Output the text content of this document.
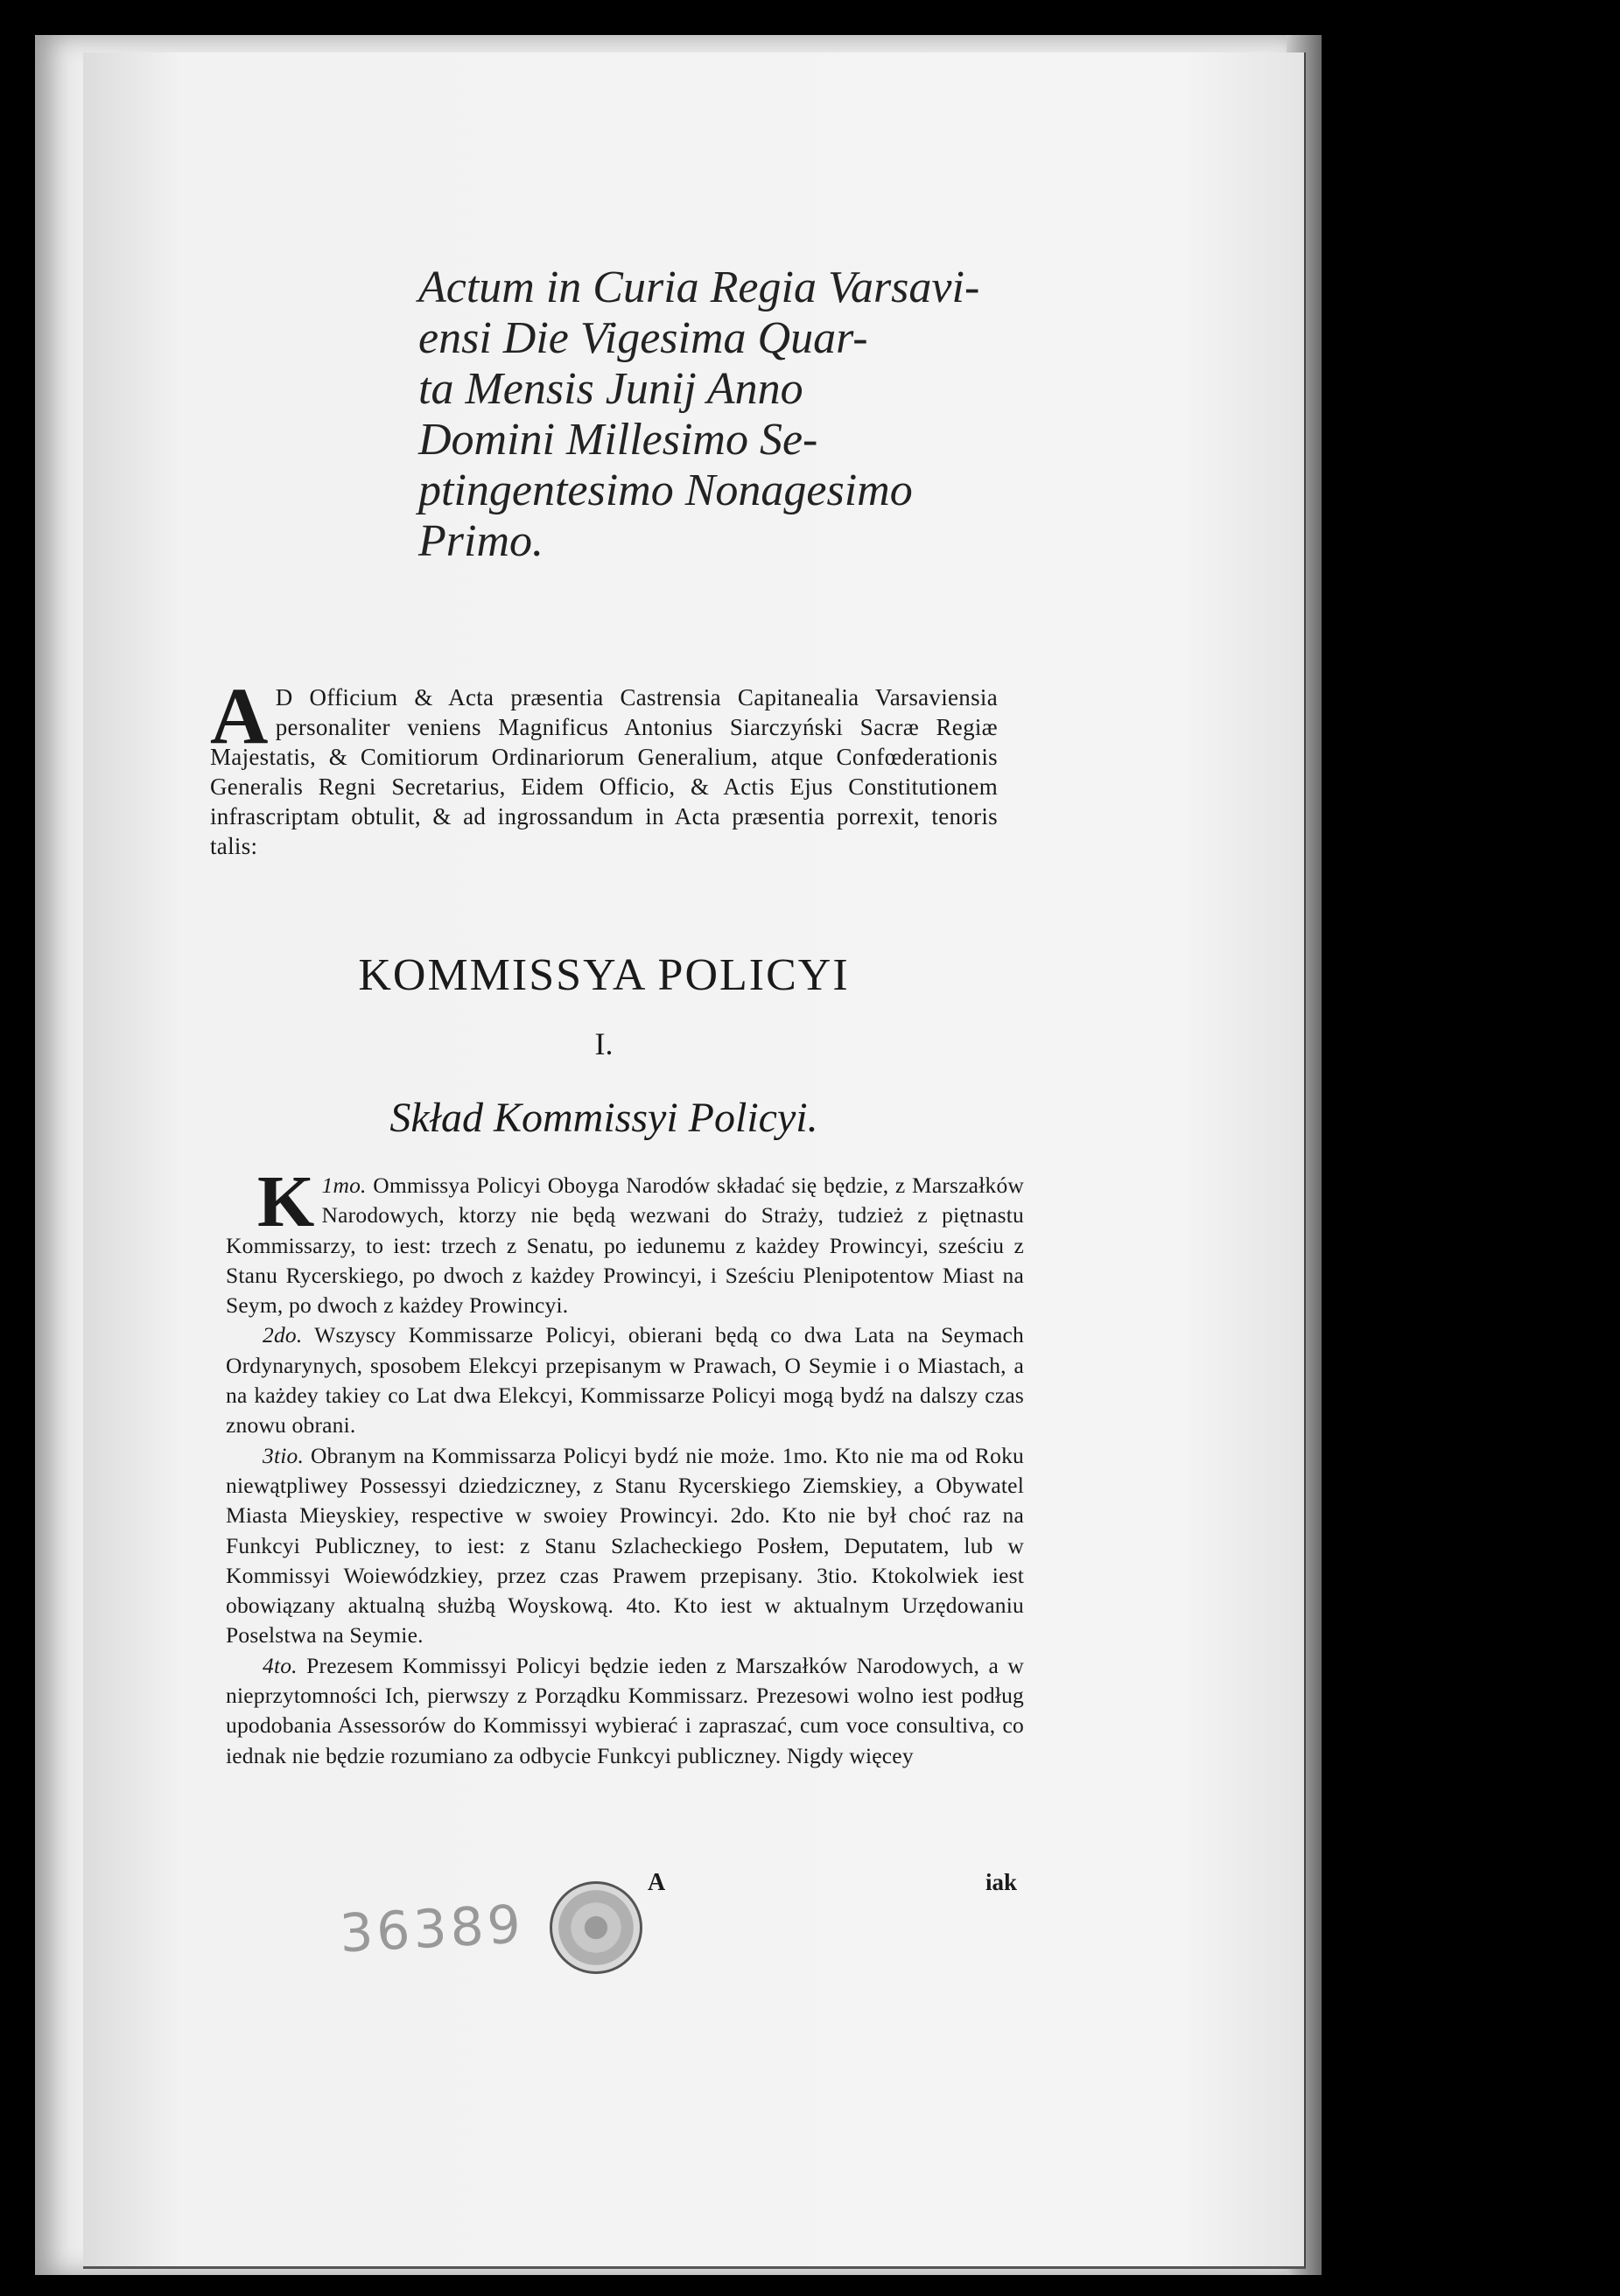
Actum in Curia Regia Varsavi-
ensi Die Vigesima Quar-
ta Mensis Junij Anno
Domini Millesimo Se-
ptingentesimo Nonagesimo
Primo.
A D Officium & Acta præsentia Castrensia Capitanealia Varsaviensia personaliter veniens Magnificus Antonius Siarczyński Sacræ Regiæ Majestatis, & Comitiorum Ordinariorum Generalium, atque Confœderationis Generalis Regni Secretarius, Eidem Officio, & Actis Ejus Constitutionem infrascriptam obtulit, & ad ingrossandum in Acta præsentia porrexit, tenoris talis:
KOMMISSYA POLICYI
I.
Skład Kommissyi Policyi.

1mo.
K	Ommissya Policyi Oboyga Narodów składać się będzie, z Marszałków Narodowych, ktorzy nie będą wezwani do Straży, tudzież z piętnastu Kommissarzy, to iest: trzech z Senatu, po iedunemu z każdey Prowincyi, sześciu z Stanu Rycerskiego, po dwoch z każdey Prowincyi, i Sześciu Plenipotentow Miast na Seym, po dwoch z każdey Prowincyi.

2do. Wszyscy Kommissarze Policyi, obierani będą co dwa Lata na Seymach Ordynarynych, sposobem Elekcyi przepisanym w Prawach, O Seymie i o Miastach, a na każdey takiey co Lat dwa Elekcyi, Kommissarze Policyi mogą bydź na dalszy czas znowu obrani.

3tio. Obranym na Kommissarza Policyi bydź nie może. 1mo. Kto nie ma od Roku niewątpliwey Possessyi dziedziczney, z Stanu Rycerskiego Ziemskiey, a Obywatel Miasta Mieyskiey, respective w swoiey Prowincyi. 2do. Kto nie był choć raz na Funkcyi Publiczney, to iest: z Stanu Szlacheckiego Posłem, Deputatem, lub w Kommissyi Woiewódzkiey, przez czas Prawem przepisany. 3tio. Ktokolwiek iest obowiązany aktualną służbą Woyskową. 4to. Kto iest w aktualnym Urzędowaniu Poselstwa na Seymie.

4to. Prezesem Kommissyi Policyi będzie ieden z Marszałków Narodowych, a w nieprzytomności Ich, pierwszy z Porządku Kommissarz. Prezesowi wolno iest podług upodobania Assessorów do Kommissyi wybierać i zapraszać, cum voce consultiva, co iednak nie będzie rozumiano za odbycie Funkcyi publiczney. Nigdy więcey

A	iak
36389
